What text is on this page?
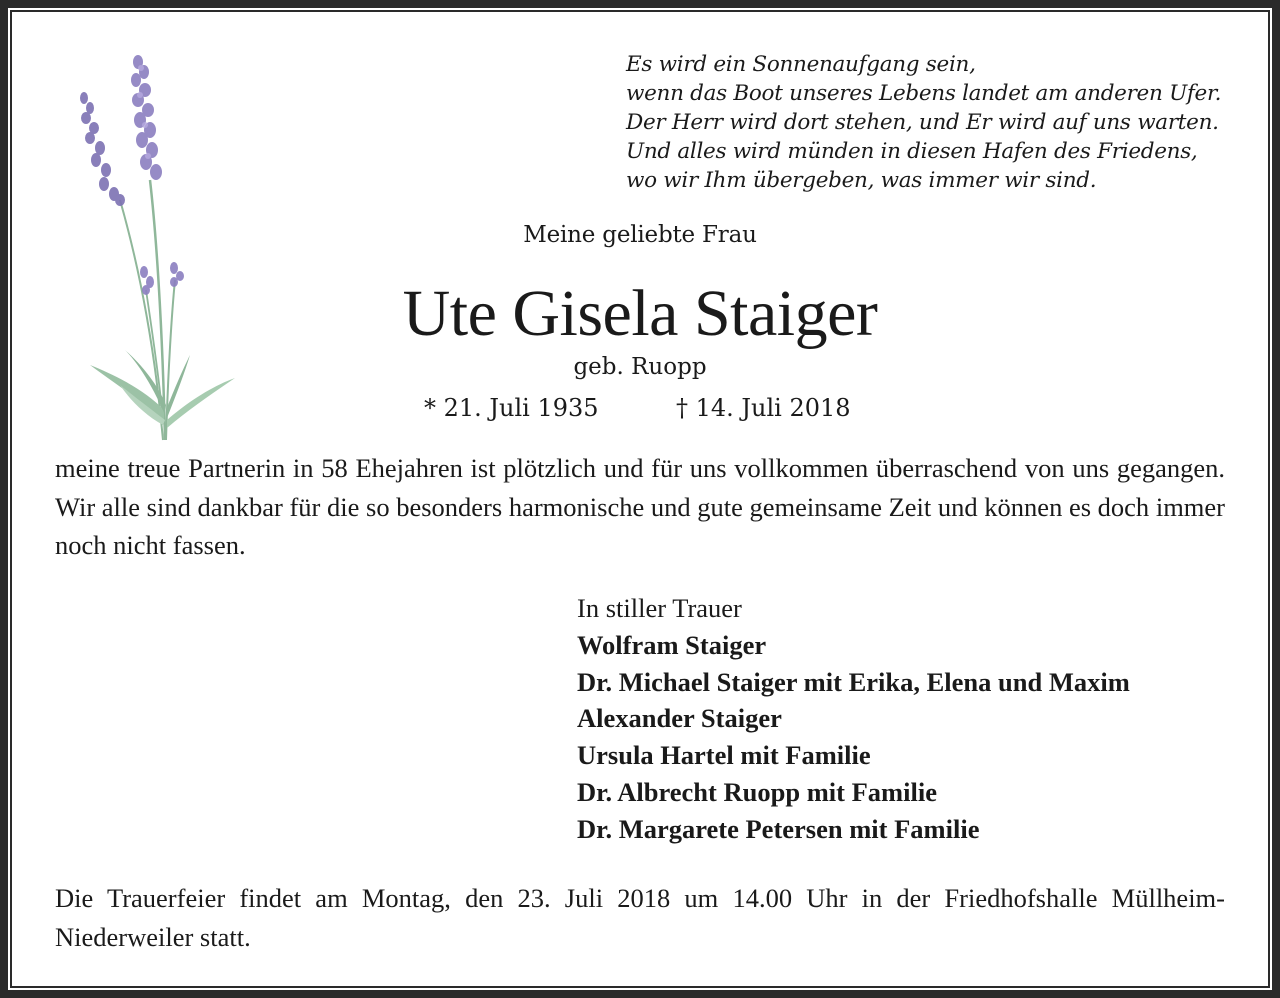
Es wird ein Sonnenaufgang sein,
wenn das Boot unseres Lebens landet am anderen Ufer.
Der Herr wird dort stehen, und Er wird auf uns warten.
Und alles wird münden in diesen Hafen des Friedens,
wo wir Ihm übergeben, was immer wir sind.
Meine geliebte Frau
Ute Gisela Staiger
geb. Ruopp
* 21. Juli 1935	† 14. Juli 2018
meine treue Partnerin in 58 Ehejahren ist plötzlich und für uns vollkommen überraschend von uns gegangen. Wir alle sind dankbar für die so besonders harmonische und gute gemeinsame Zeit und können es doch immer noch nicht fassen.
In stiller Trauer
Wolfram Staiger
Dr. Michael Staiger mit Erika, Elena und Maxim
Alexander Staiger
Ursula Hartel mit Familie
Dr. Albrecht Ruopp mit Familie
Dr. Margarete Petersen mit Familie
Die Trauerfeier findet am Montag, den 23. Juli 2018 um 14.00 Uhr in der Friedhofshalle Müllheim-Niederweiler statt.
